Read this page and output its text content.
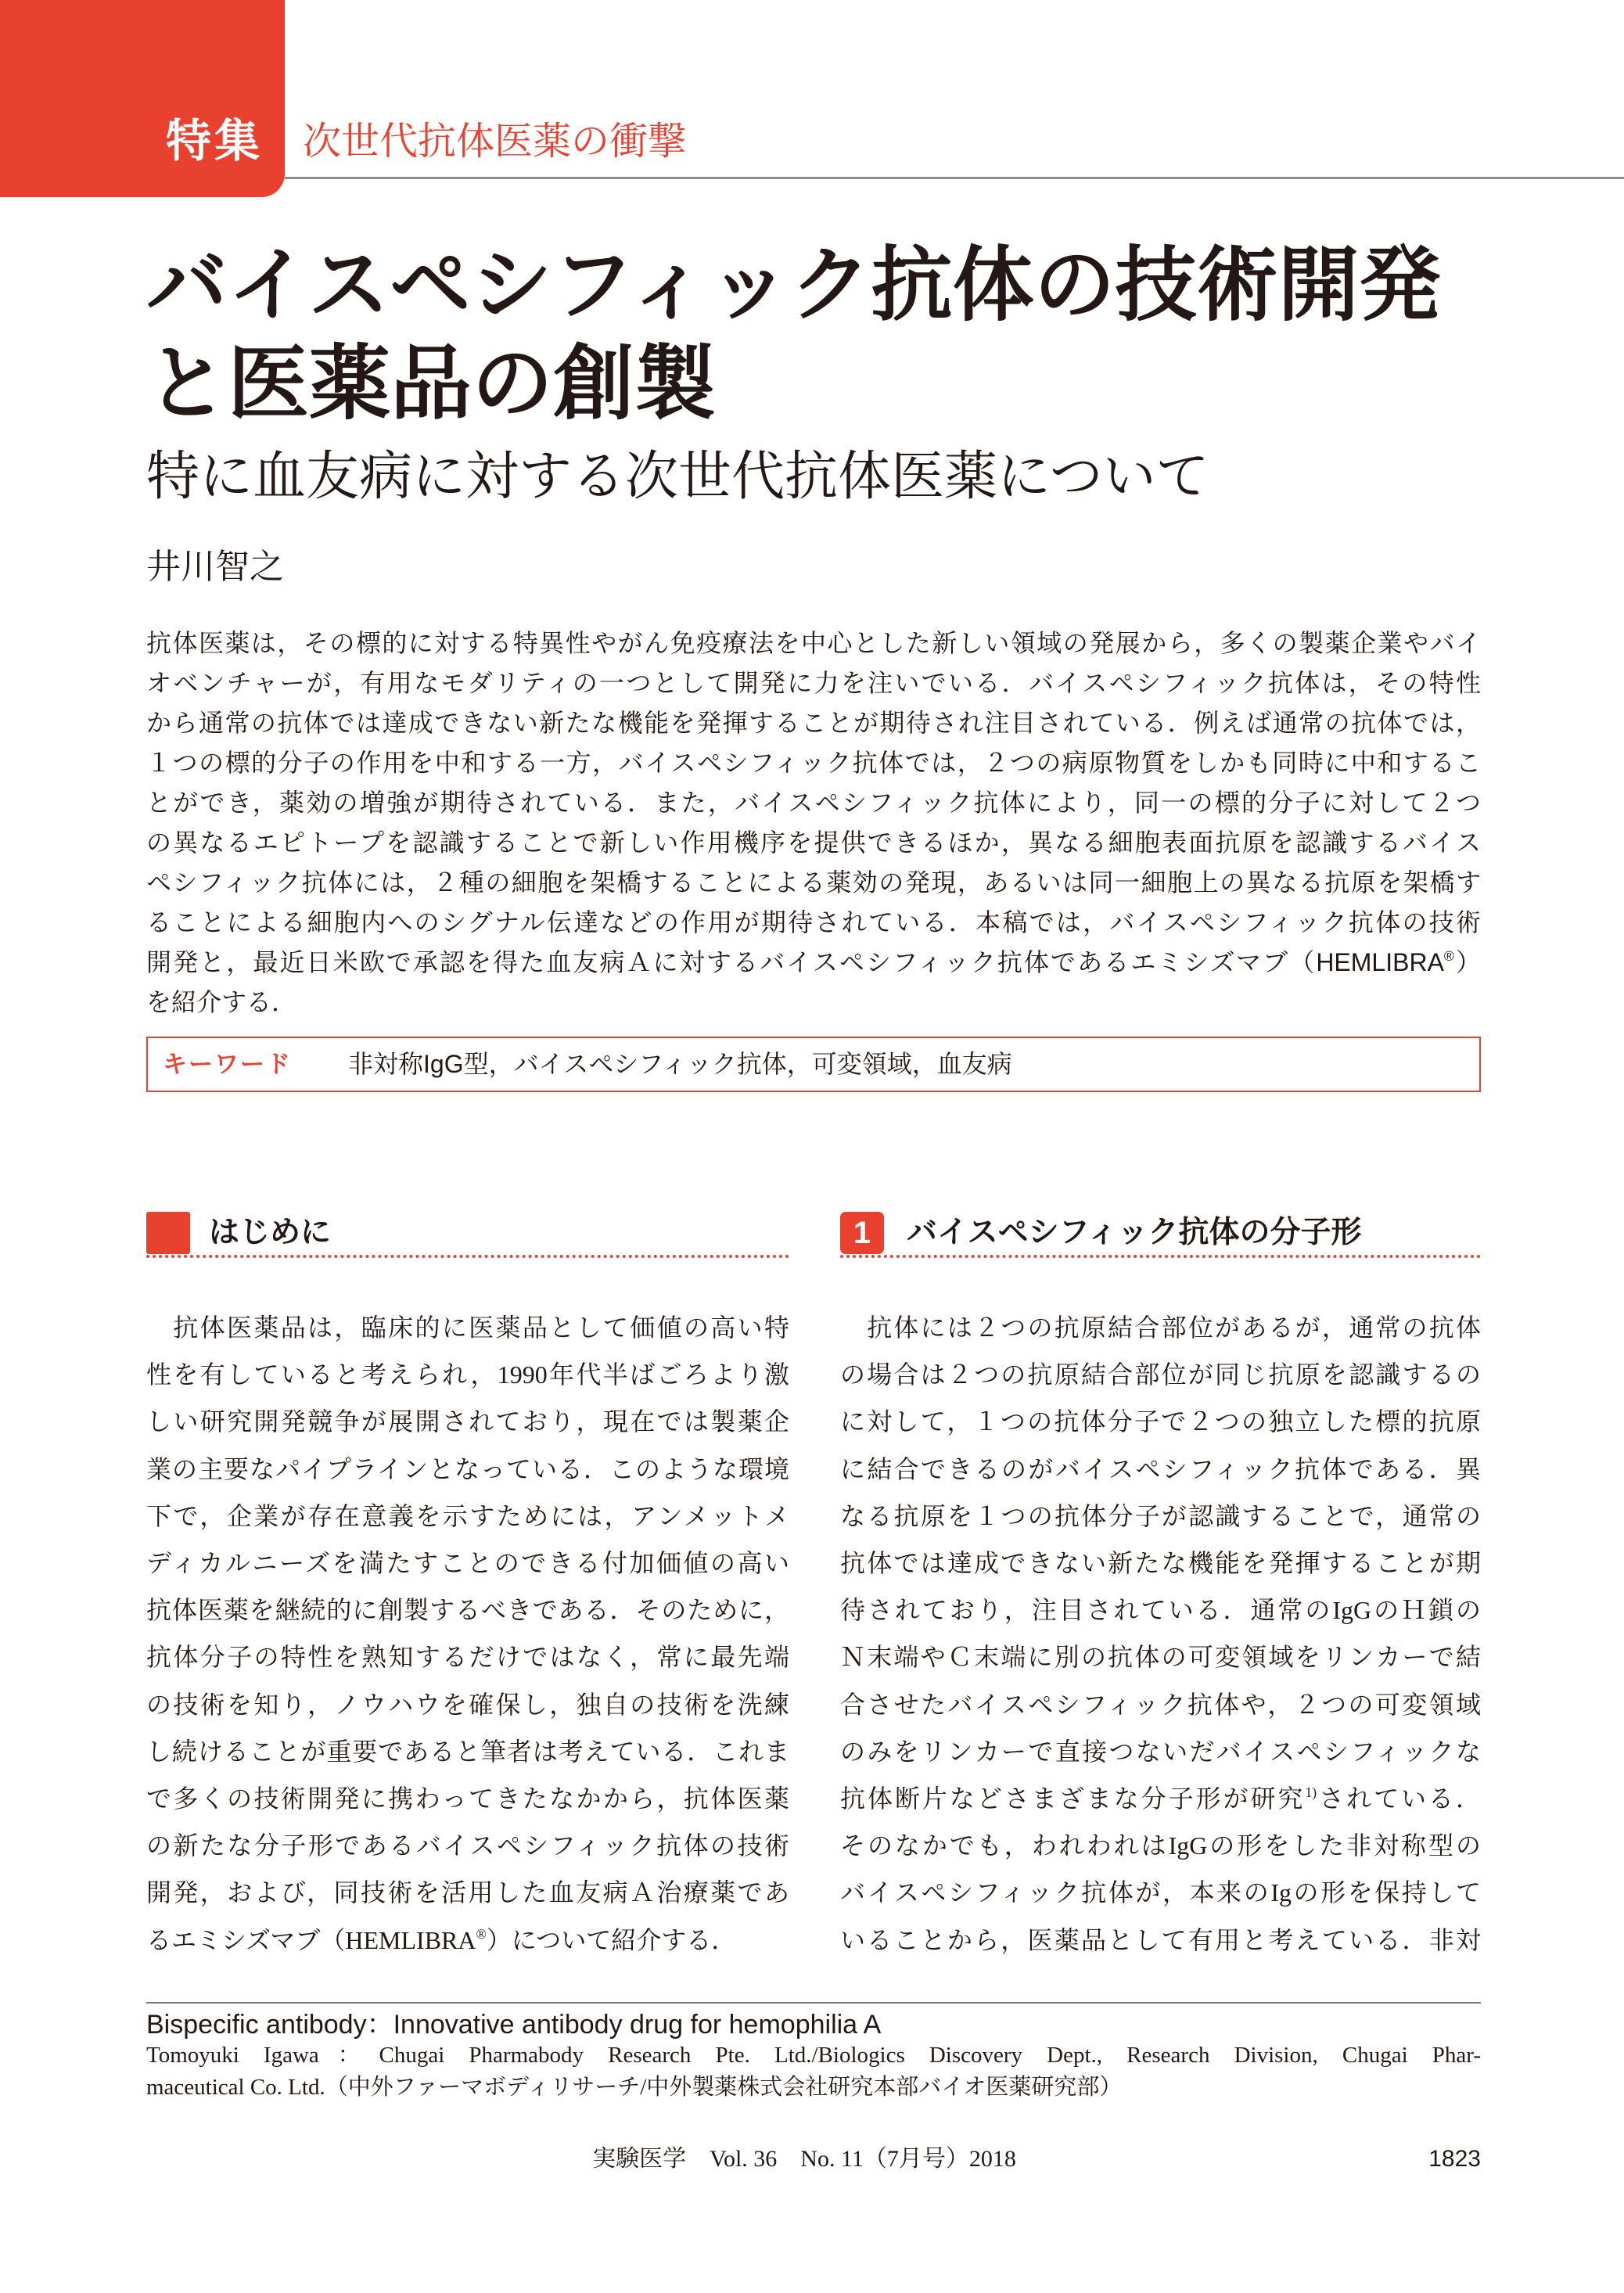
特集 次世代抗体医薬の衝撃
バイスペシフィック抗体の技術開発
と医薬品の創製
特に血友病に対する次世代抗体医薬について
井川智之
抗体医薬は，その標的に対する特異性やがん免疫療法を中心とした新しい領域の発展から，多くの製薬企業やバイ
オベンチャーが，有用なモダリティの一つとして開発に力を注いでいる．バイスペシフィック抗体は，その特性
から通常の抗体では達成できない新たな機能を発揮することが期待され注目されている．例えば通常の抗体では，
１つの標的分子の作用を中和する一方，バイスペシフィック抗体では，２つの病原物質をしかも同時に中和するこ
とができ，薬効の増強が期待されている．また，バイスペシフィック抗体により，同一の標的分子に対して２つ
の異なるエピトープを認識することで新しい作用機序を提供できるほか，異なる細胞表面抗原を認識するバイス
ペシフィック抗体には，２種の細胞を架橋することによる薬効の発現，あるいは同一細胞上の異なる抗原を架橋す
ることによる細胞内へのシグナル伝達などの作用が期待されている．本稿では，バイスペシフィック抗体の技術
開発と，最近日米欧で承認を得た血友病Ａに対するバイスペシフィック抗体であるエミシズマブ（HEMLIBRA®）
を紹介する．
キーワード 非対称IgG型，バイスペシフィック抗体，可変領域，血友病
はじめに	1	バイスペシフィック抗体の分子形
　抗体医薬品は，臨床的に医薬品として価値の高い特
性を有していると考えられ，1990年代半ばごろより激
しい研究開発競争が展開されており，現在では製薬企
業の主要なパイプラインとなっている．このような環境
下で，企業が存在意義を示すためには，アンメットメ
ディカルニーズを満たすことのできる付加価値の高い
抗体医薬を継続的に創製するべきである．そのために，
抗体分子の特性を熟知するだけではなく，常に最先端
の技術を知り，ノウハウを確保し，独自の技術を洗練
し続けることが重要であると筆者は考えている．これま
で多くの技術開発に携わってきたなかから，抗体医薬
の新たな分子形であるバイスペシフィック抗体の技術
開発，および，同技術を活用した血友病Ａ治療薬であ
るエミシズマブ（HEMLIBRA®）について紹介する．
　抗体には２つの抗原結合部位があるが，通常の抗体
の場合は２つの抗原結合部位が同じ抗原を認識するの
に対して，１つの抗体分子で２つの独立した標的抗原
に結合できるのがバイスペシフィック抗体である．異
なる抗原を１つの抗体分子が認識することで，通常の
抗体では達成できない新たな機能を発揮することが期
待されており，注目されている．通常のIgGのＨ鎖の
Ｎ末端やＣ末端に別の抗体の可変領域をリンカーで結
合させたバイスペシフィック抗体や，２つの可変領域
のみをリンカーで直接つないだバイスペシフィックな
抗体断片などさまざまな分子形が研究$^{1)}$されている．
そのなかでも，われわれはIgGの形をした非対称型の
バイスペシフィック抗体が，本来のIgの形を保持して
いることから，医薬品として有用と考えている．非対
Bispecific antibody：Innovative antibody drug for hemophilia A
Tomoyuki Igawa：Chugai Pharmabody Research Pte. Ltd./Biologics Discovery Dept., Research Division, Chugai Phar-
maceutical Co. Ltd.（中外ファーマボディリサーチ/中外製薬株式会社研究本部バイオ医薬研究部）
実験医学　Vol. 36　No. 11（7月号）2018	1823
